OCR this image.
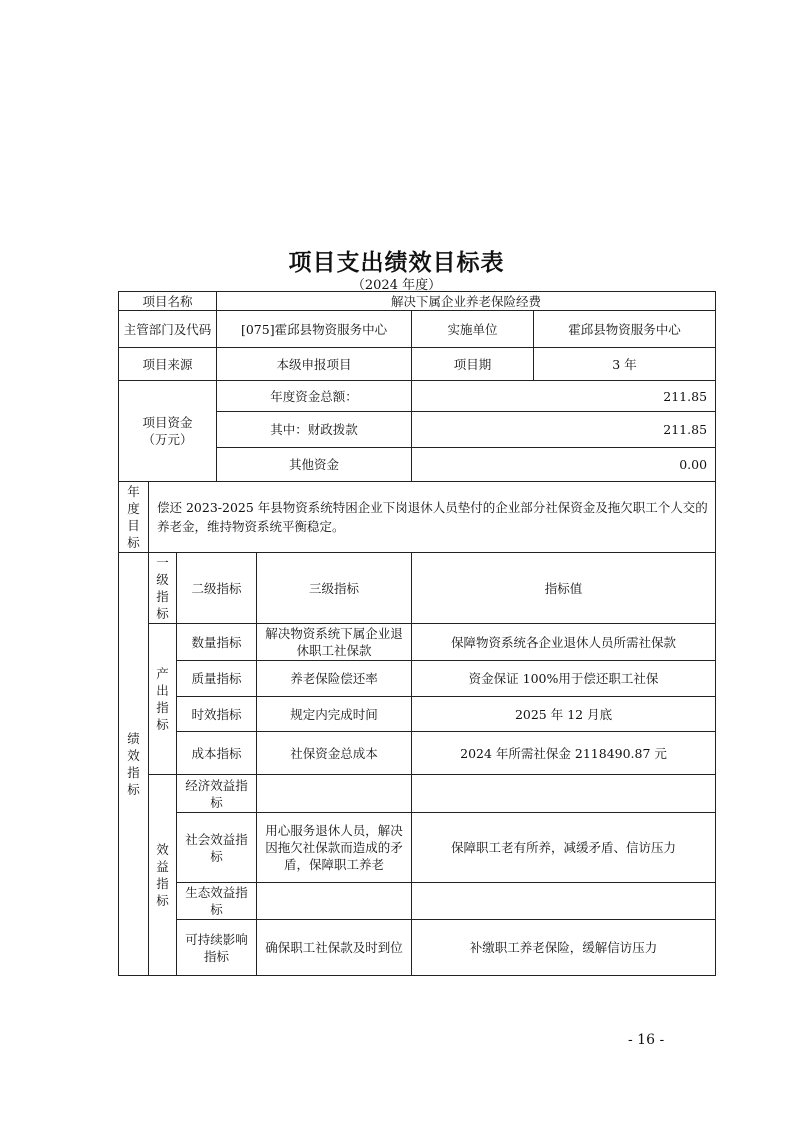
项目支出绩效目标表
（2024 年度）
项目名称			解决下属企业养老保险经费			
主管部门及代码			[075]霍邱县物资服务中心		实施单位	霍邱县物资服务中心
项目来源			本级申报项目		项目期	3 年
项目资金（万元）			年度资金总额：		211.85	
			其中：财政拨款		211.85	
			其他资金		0.00	
年度目标	偿还 2023-2025 年县物资系统特困企业下岗退休人员垫付的企业部分社保资金及拖欠职工个人交的养老金，维持物资系统平衡稳定。					
绩效指标	一级指标	二级指标		三级指标	指标值	
	产出指标	数量指标		解决物资系统下属企业退休职工社保款	保障物资系统各企业退休人员所需社保款	
		质量指标		养老保险偿还率	资金保证 100%用于偿还职工社保	
		时效指标		规定内完成时间	2025 年 12 月底	
		成本指标		社保资金总成本	2024 年所需社保金 2118490.87 元	
	效益指标	经济效益指标				
		社会效益指标		用心服务退休人员，解决因拖欠社保款而造成的矛盾，保障职工养老	保障职工老有所养，减缓矛盾、信访压力	
		生态效益指标				
		可持续影响指标		确保职工社保款及时到位	补缴职工养老保险，缓解信访压力	
- 16 -
